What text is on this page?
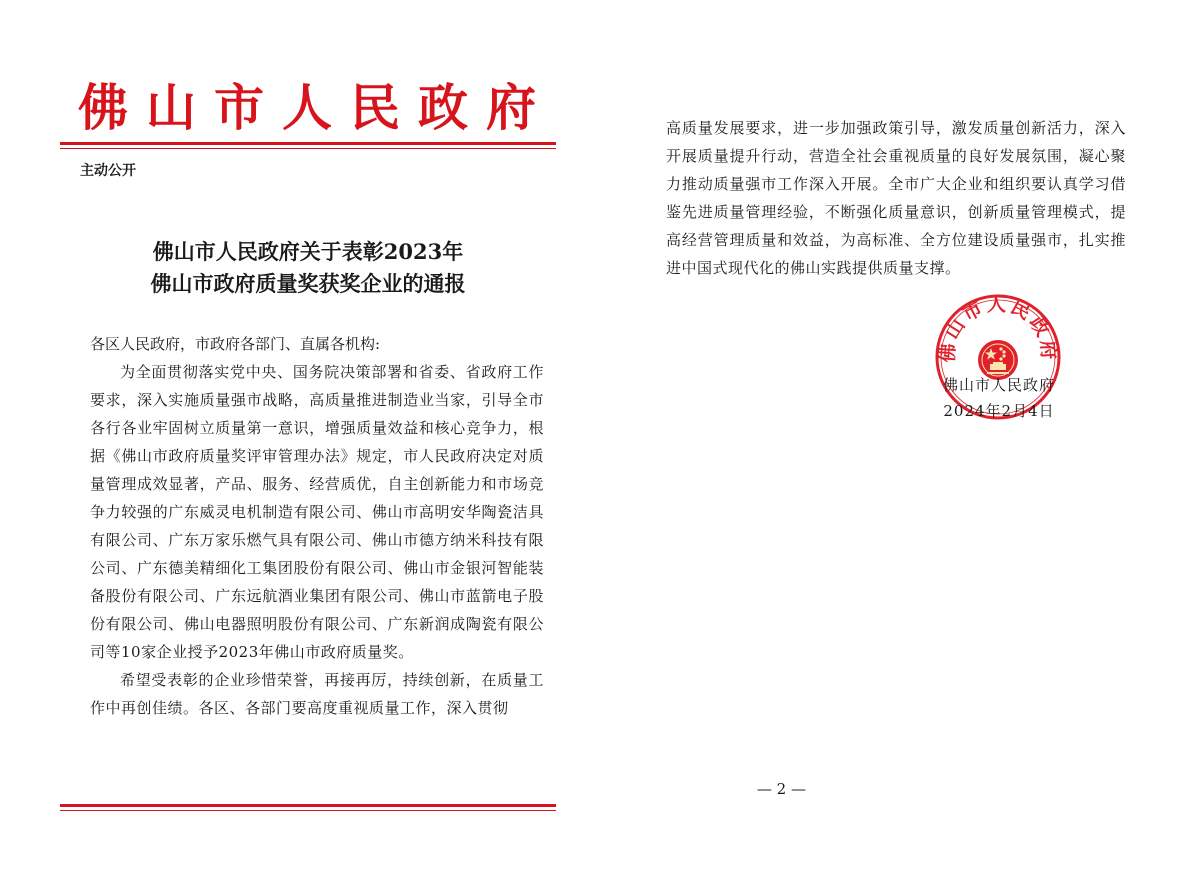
佛山市人民政府
主动公开
佛山市人民政府关于表彰2023年
佛山市政府质量奖获奖企业的通报
各区人民政府，市政府各部门、直属各机构:

为全面贯彻落实党中央、国务院决策部署和省委、省政府工作要求，深入实施质量强市战略，高质量推进制造业当家，引导全市各行各业牢固树立质量第一意识，增强质量效益和核心竞争力，根据《佛山市政府质量奖评审管理办法》规定，市人民政府决定对质量管理成效显著，产品、服务、经营质优，自主创新能力和市场竞争力较强的广东威灵电机制造有限公司、佛山市高明安华陶瓷洁具有限公司、广东万家乐燃气具有限公司、佛山市德方纳米科技有限公司、广东德美精细化工集团股份有限公司、佛山市金银河智能装备股份有限公司、广东远航酒业集团有限公司、佛山市蓝箭电子股份有限公司、佛山电器照明股份有限公司、广东新润成陶瓷有限公司等10家企业授予2023年佛山市政府质量奖。

希望受表彰的企业珍惜荣誉，再接再厉，持续创新，在质量工作中再创佳绩。各区、各部门要高度重视质量工作，深入贯彻

高质量发展要求，进一步加强政策引导，激发质量创新活力，深入开展质量提升行动，营造全社会重视质量的良好发展氛围，凝心聚力推动质量强市工作深入开展。全市广大企业和组织要认真学习借鉴先进质量管理经验，不断强化质量意识，创新质量管理模式，提高经营管理质量和效益，为高标准、全方位建设质量强市，扎实推进中国式现代化的佛山实践提供质量支撑。

佛山市人民政府
佛山市人民政府
2024年2月4日
— 2 —
